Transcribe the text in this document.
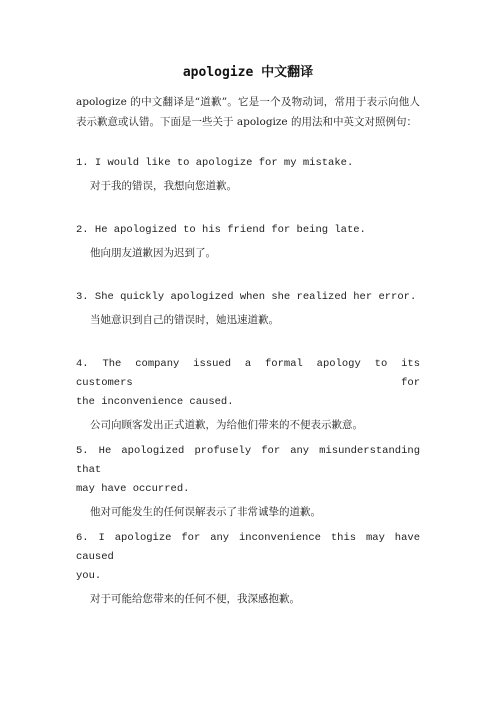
apologize 中文翻译
apologize 的中文翻译是“道歉”。它是一个及物动词，常用于表示向他人表示歉意或认错。下面是一些关于 apologize 的用法和中英文对照例句：
1. I would like to apologize for my mistake.
对于我的错误，我想向您道歉。
2. He apologized to his friend for being late.
他向朋友道歉因为迟到了。
3. She quickly apologized when she realized her error.
当她意识到自己的错误时，她迅速道歉。
4. The company issued a formal apology to its customers for
the inconvenience caused.
公司向顾客发出正式道歉，为给他们带来的不便表示歉意。
5. He apologized profusely for any misunderstanding that
may have occurred.
他对可能发生的任何误解表示了非常诚挚的道歉。
6. I apologize for any inconvenience this may have caused
you.
对于可能给您带来的任何不便，我深感抱歉。
